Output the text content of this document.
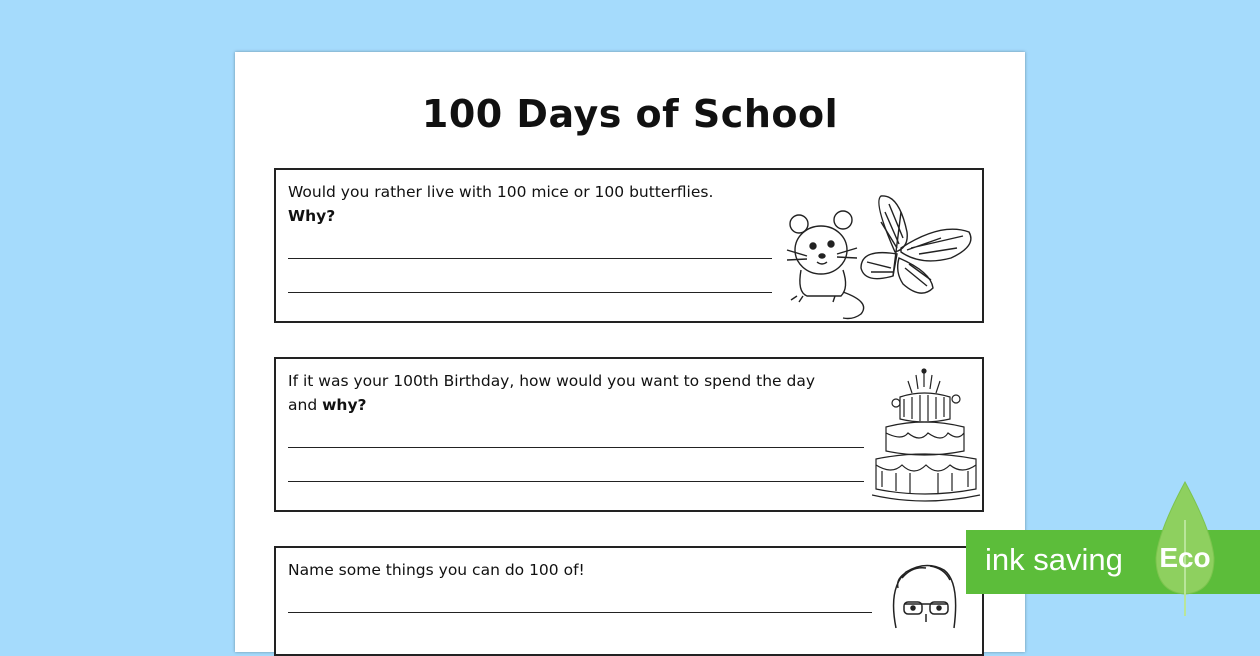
100 Days of School
Would you rather live with 100 mice or 100 butterflies.
Why?
If it was your 100th Birthday, how would you want to spend the day
and why?
Name some things you can do 100 of!	ink saving	Eco
